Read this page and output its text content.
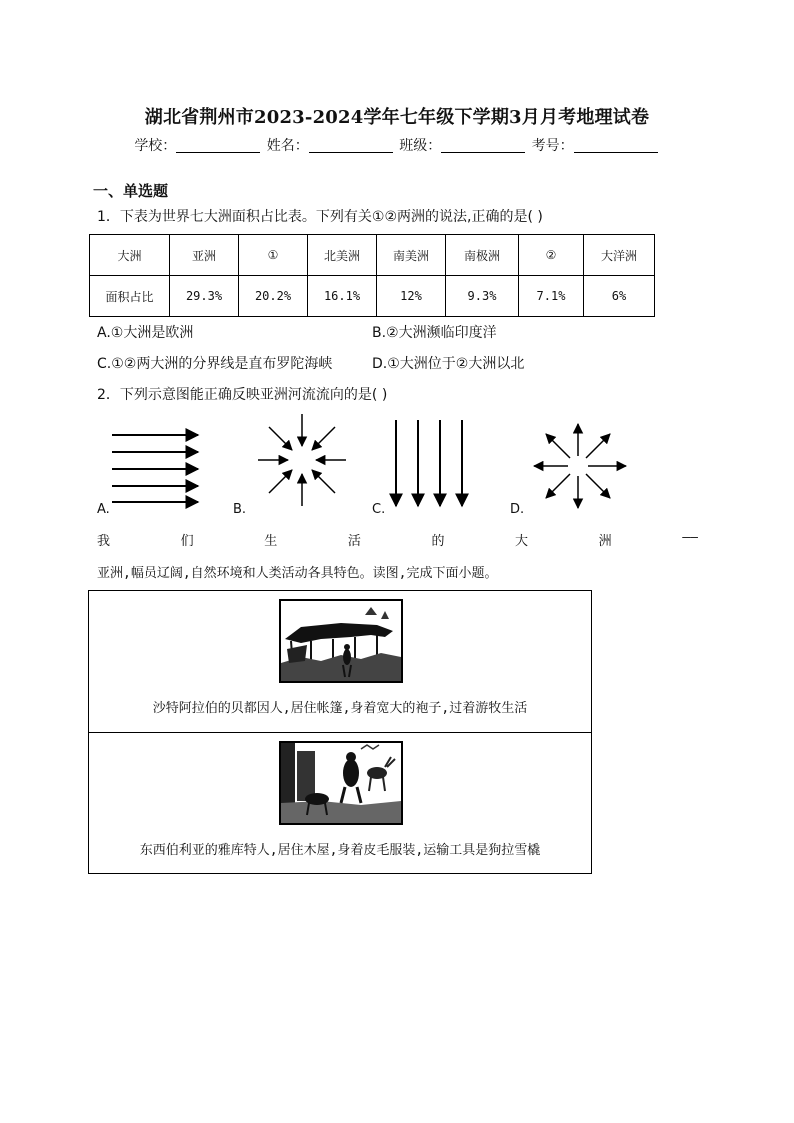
湖北省荆州市2023-2024学年七年级下学期3月月考地理试卷
学校：	姓名：	班级：	考号：
一、单选题
1．下表为世界七大洲面积占比表。下列有关①②两洲的说法,正确的是( )
大洲	亚洲	①	北美洲	南美洲	南极洲	②	大洋洲
面积占比	29.3%	20.2%	16.1%	12%	9.3%	7.1%	6%
A.①大洲是欧洲	B.②大洲濒临印度洋
C.①②两大洲的分界线是直布罗陀海峡	D.①大洲位于②大洲以北
2．下列示意图能正确反映亚洲河流流向的是( )
A.	B.	C.	D.
我	们	生	活	的	大	洲	——
亚洲,幅员辽阔,自然环境和人类活动各具特色。读图,完成下面小题。
沙特阿拉伯的贝都因人,居住帐篷,身着宽大的袍子,过着游牧生活
东西伯利亚的雅库特人,居住木屋,身着皮毛服装,运输工具是狗拉雪橇
